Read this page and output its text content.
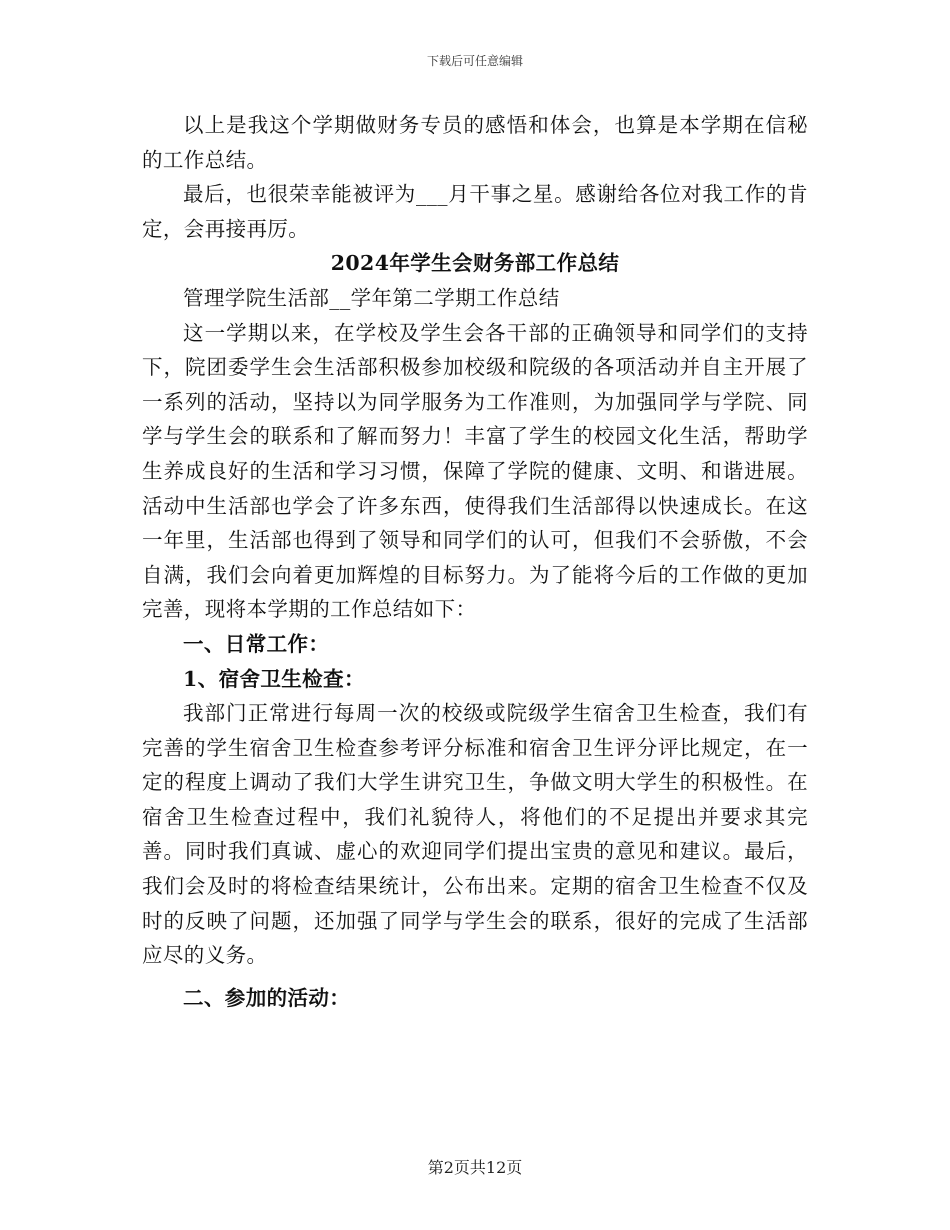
下载后可任意编辑

以上是我这个学期做财务专员的感悟和体会，也算是本学期在信秘的工作总结。

最后，也很荣幸能被评为___月干事之星。感谢给各位对我工作的肯定，会再接再厉。

2024年学生会财务部工作总结

管理学院生活部__学年第二学期工作总结

这一学期以来，在学校及学生会各干部的正确领导和同学们的支持下，院团委学生会生活部积极参加校级和院级的各项活动并自主开展了一系列的活动，坚持以为同学服务为工作准则，为加强同学与学院、同学与学生会的联系和了解而努力！丰富了学生的校园文化生活，帮助学生养成良好的生活和学习习惯，保障了学院的健康、文明、和谐进展。活动中生活部也学会了许多东西，使得我们生活部得以快速成长。在这一年里，生活部也得到了领导和同学们的认可，但我们不会骄傲，不会自满，我们会向着更加辉煌的目标努力。为了能将今后的工作做的更加完善，现将本学期的工作总结如下：

一、日常工作：

1、宿舍卫生检查：

我部门正常进行每周一次的校级或院级学生宿舍卫生检查，我们有完善的学生宿舍卫生检查参考评分标准和宿舍卫生评分评比规定，在一定的程度上调动了我们大学生讲究卫生，争做文明大学生的积极性。在宿舍卫生检查过程中，我们礼貌待人，将他们的不足提出并要求其完善。同时我们真诚、虚心的欢迎同学们提出宝贵的意见和建议。最后，我们会及时的将检查结果统计，公布出来。定期的宿舍卫生检查不仅及时的反映了问题，还加强了同学与学生会的联系，很好的完成了生活部应尽的义务。

二、参加的活动：

第2页共12页
